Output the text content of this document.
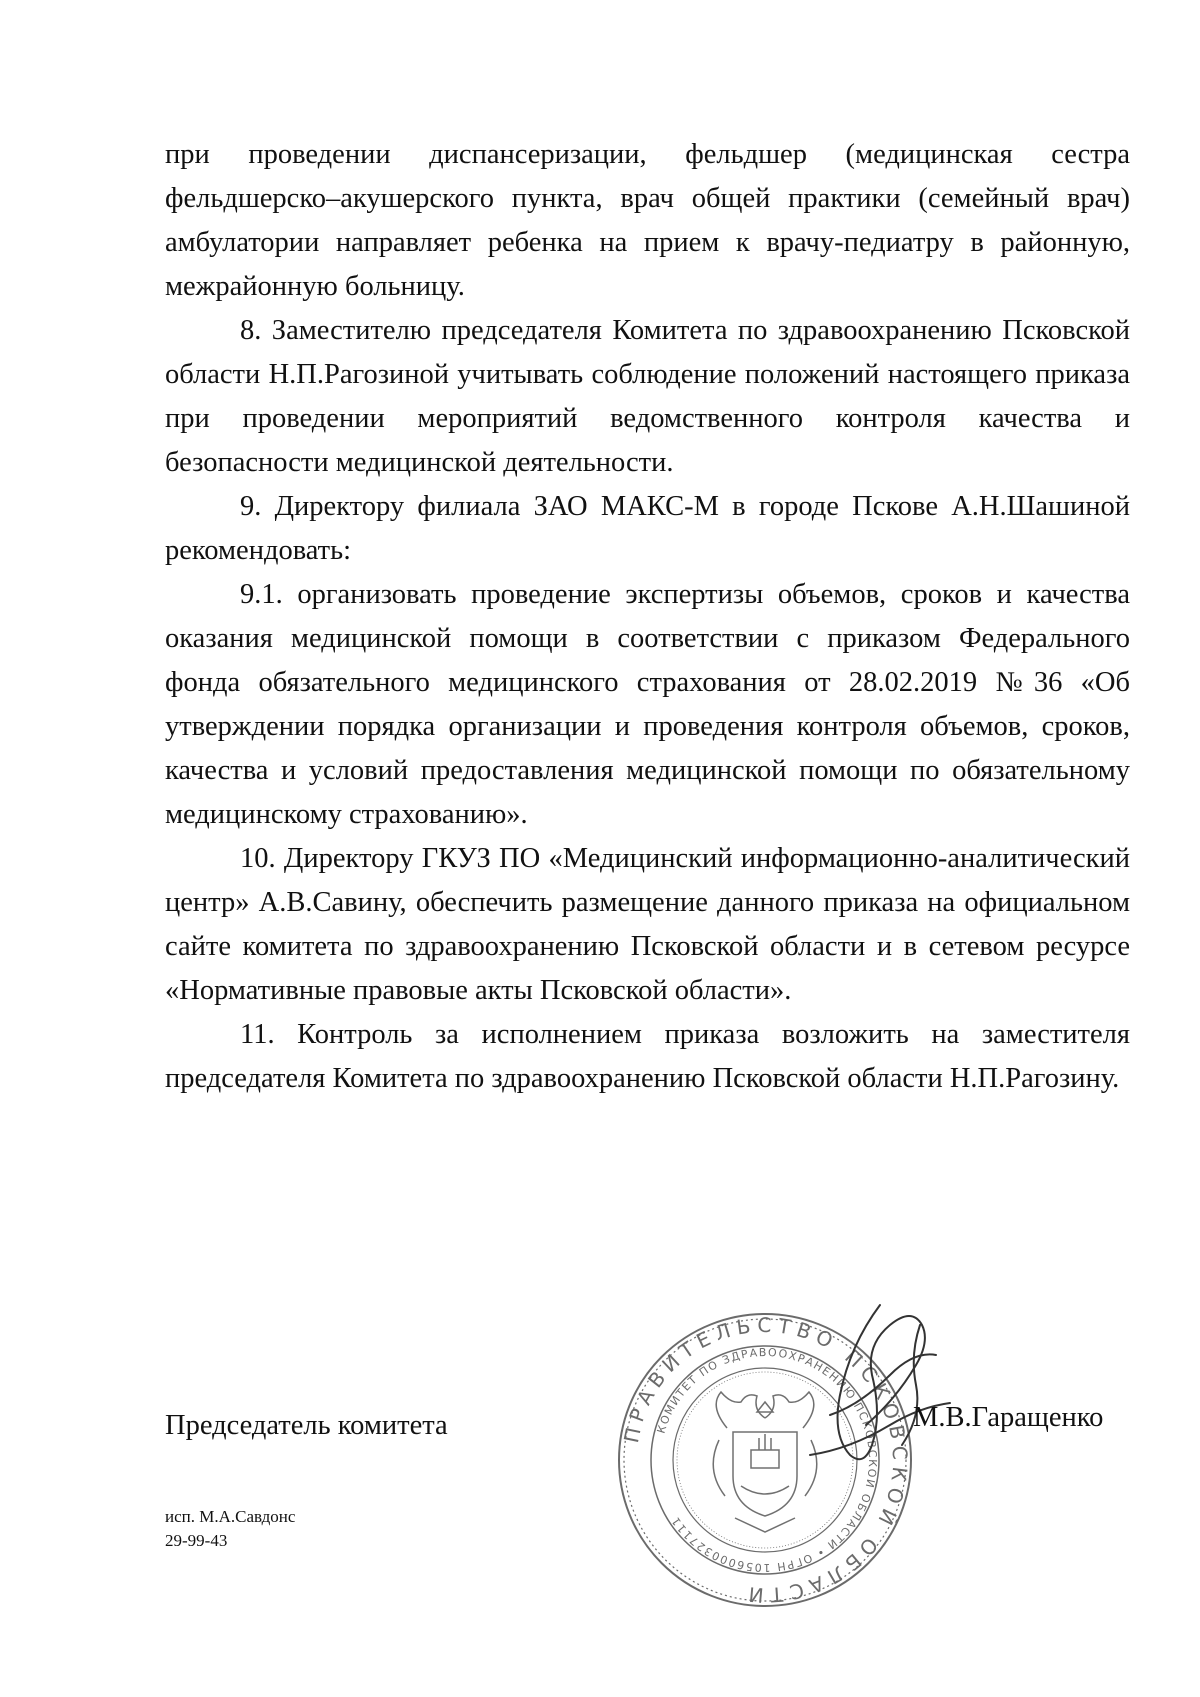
при проведении диспансеризации, фельдшер (медицинская сестра фельдшерско–акушерского пункта, врач общей практики (семейный врач) амбулатории направляет ребенка на прием к врачу-педиатру в районную, межрайонную больницу.

8. Заместителю председателя Комитета по здравоохранению Псковской области Н.П.Рагозиной учитывать соблюдение положений настоящего приказа при проведении мероприятий ведомственного контроля качества и безопасности медицинской деятельности.

9. Директору филиала ЗАО МАКС-М в городе Пскове А.Н.Шашиной рекомендовать:

9.1. организовать проведение экспертизы объемов, сроков и качества оказания медицинской помощи в соответствии с приказом Федерального фонда обязательного медицинского страхования от 28.02.2019 №36 «Об утверждении порядка организации и проведения контроля объемов, сроков, качества и условий предоставления медицинской помощи по обязательному медицинскому страхованию».

10. Директору ГКУЗ ПО «Медицинский информационно-аналитический центр» А.В.Савину, обеспечить размещение данного приказа на официальном сайте комитета по здравоохранению Псковской области и в сетевом ресурсе «Нормативные правовые акты Псковской области».

11. Контроль за исполнением приказа возложить на заместителя председателя Комитета по здравоохранению Псковской области Н.П.Рагозину.

Председатель комитета	ПРАВИТЕЛЬСТВО ПСКОВСКОЙ ОБЛАСТИ
КОМИТЕТ ПО ЗДРАВООХРАНЕНИЮ ПСКОВСКОЙ ОБЛАСТИ • ОГРН 1056000327111
М.В.Гаращенко
исп. М.А.Савдонс
29-99-43
